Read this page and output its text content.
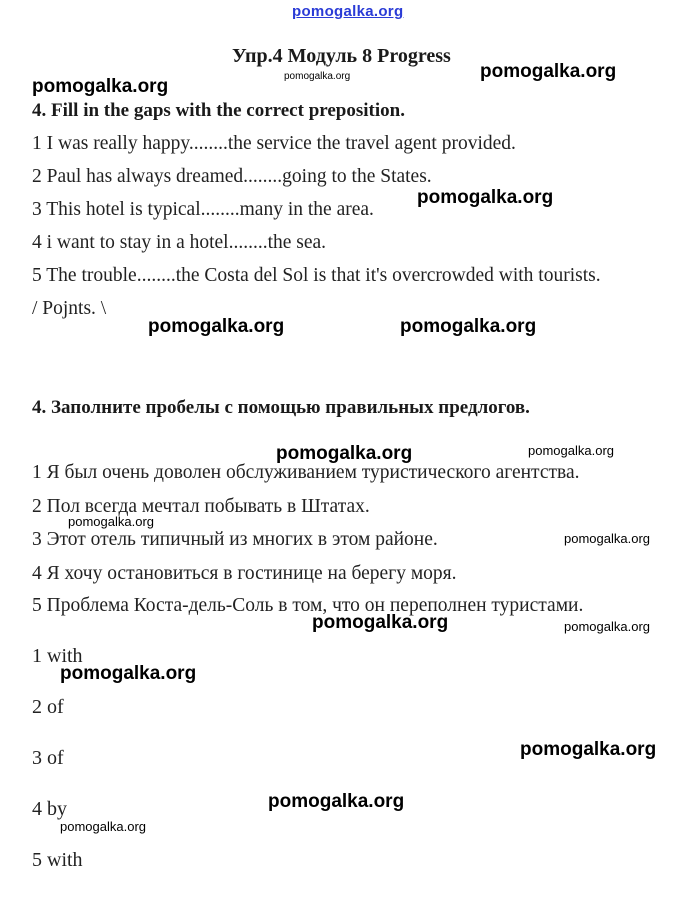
pomogalka.org
Упр.4 Модуль 8 Progress
4. Fill in the gaps with the correct preposition.
1 I was really happy........the service the travel agent provided.
2 Paul has always dreamed........going to the States.
3 This hotel is typical........many in the area.
4 i want to stay in a hotel........the sea.
5 The trouble........the Costa del Sol is that it's overcrowded with tourists.
/ Pojnts. \
4. Заполните пробелы с помощью правильных предлогов.
1 Я был очень доволен обслуживанием туристического агентства.
2 Пол всегда мечтал побывать в Штатах.
3 Этот отель типичный из многих в этом районе.
4 Я хочу остановиться в гостинице на берегу моря.
5 Проблема Коста-дель-Соль в том, что он переполнен туристами.
1 with
2 of
3 of
4 by
5 with
pomogalka.org
pomogalka.org
pomogalka.org
pomogalka.org	pomogalka.org
pomogalka.org
pomogalka.org
pomogalka.org
pomogalka.org
pomogalka.org
pomogalka.org
pomogalka.org
pomogalka.org
pomogalka.org
pomogalka.org
pomogalka.org
